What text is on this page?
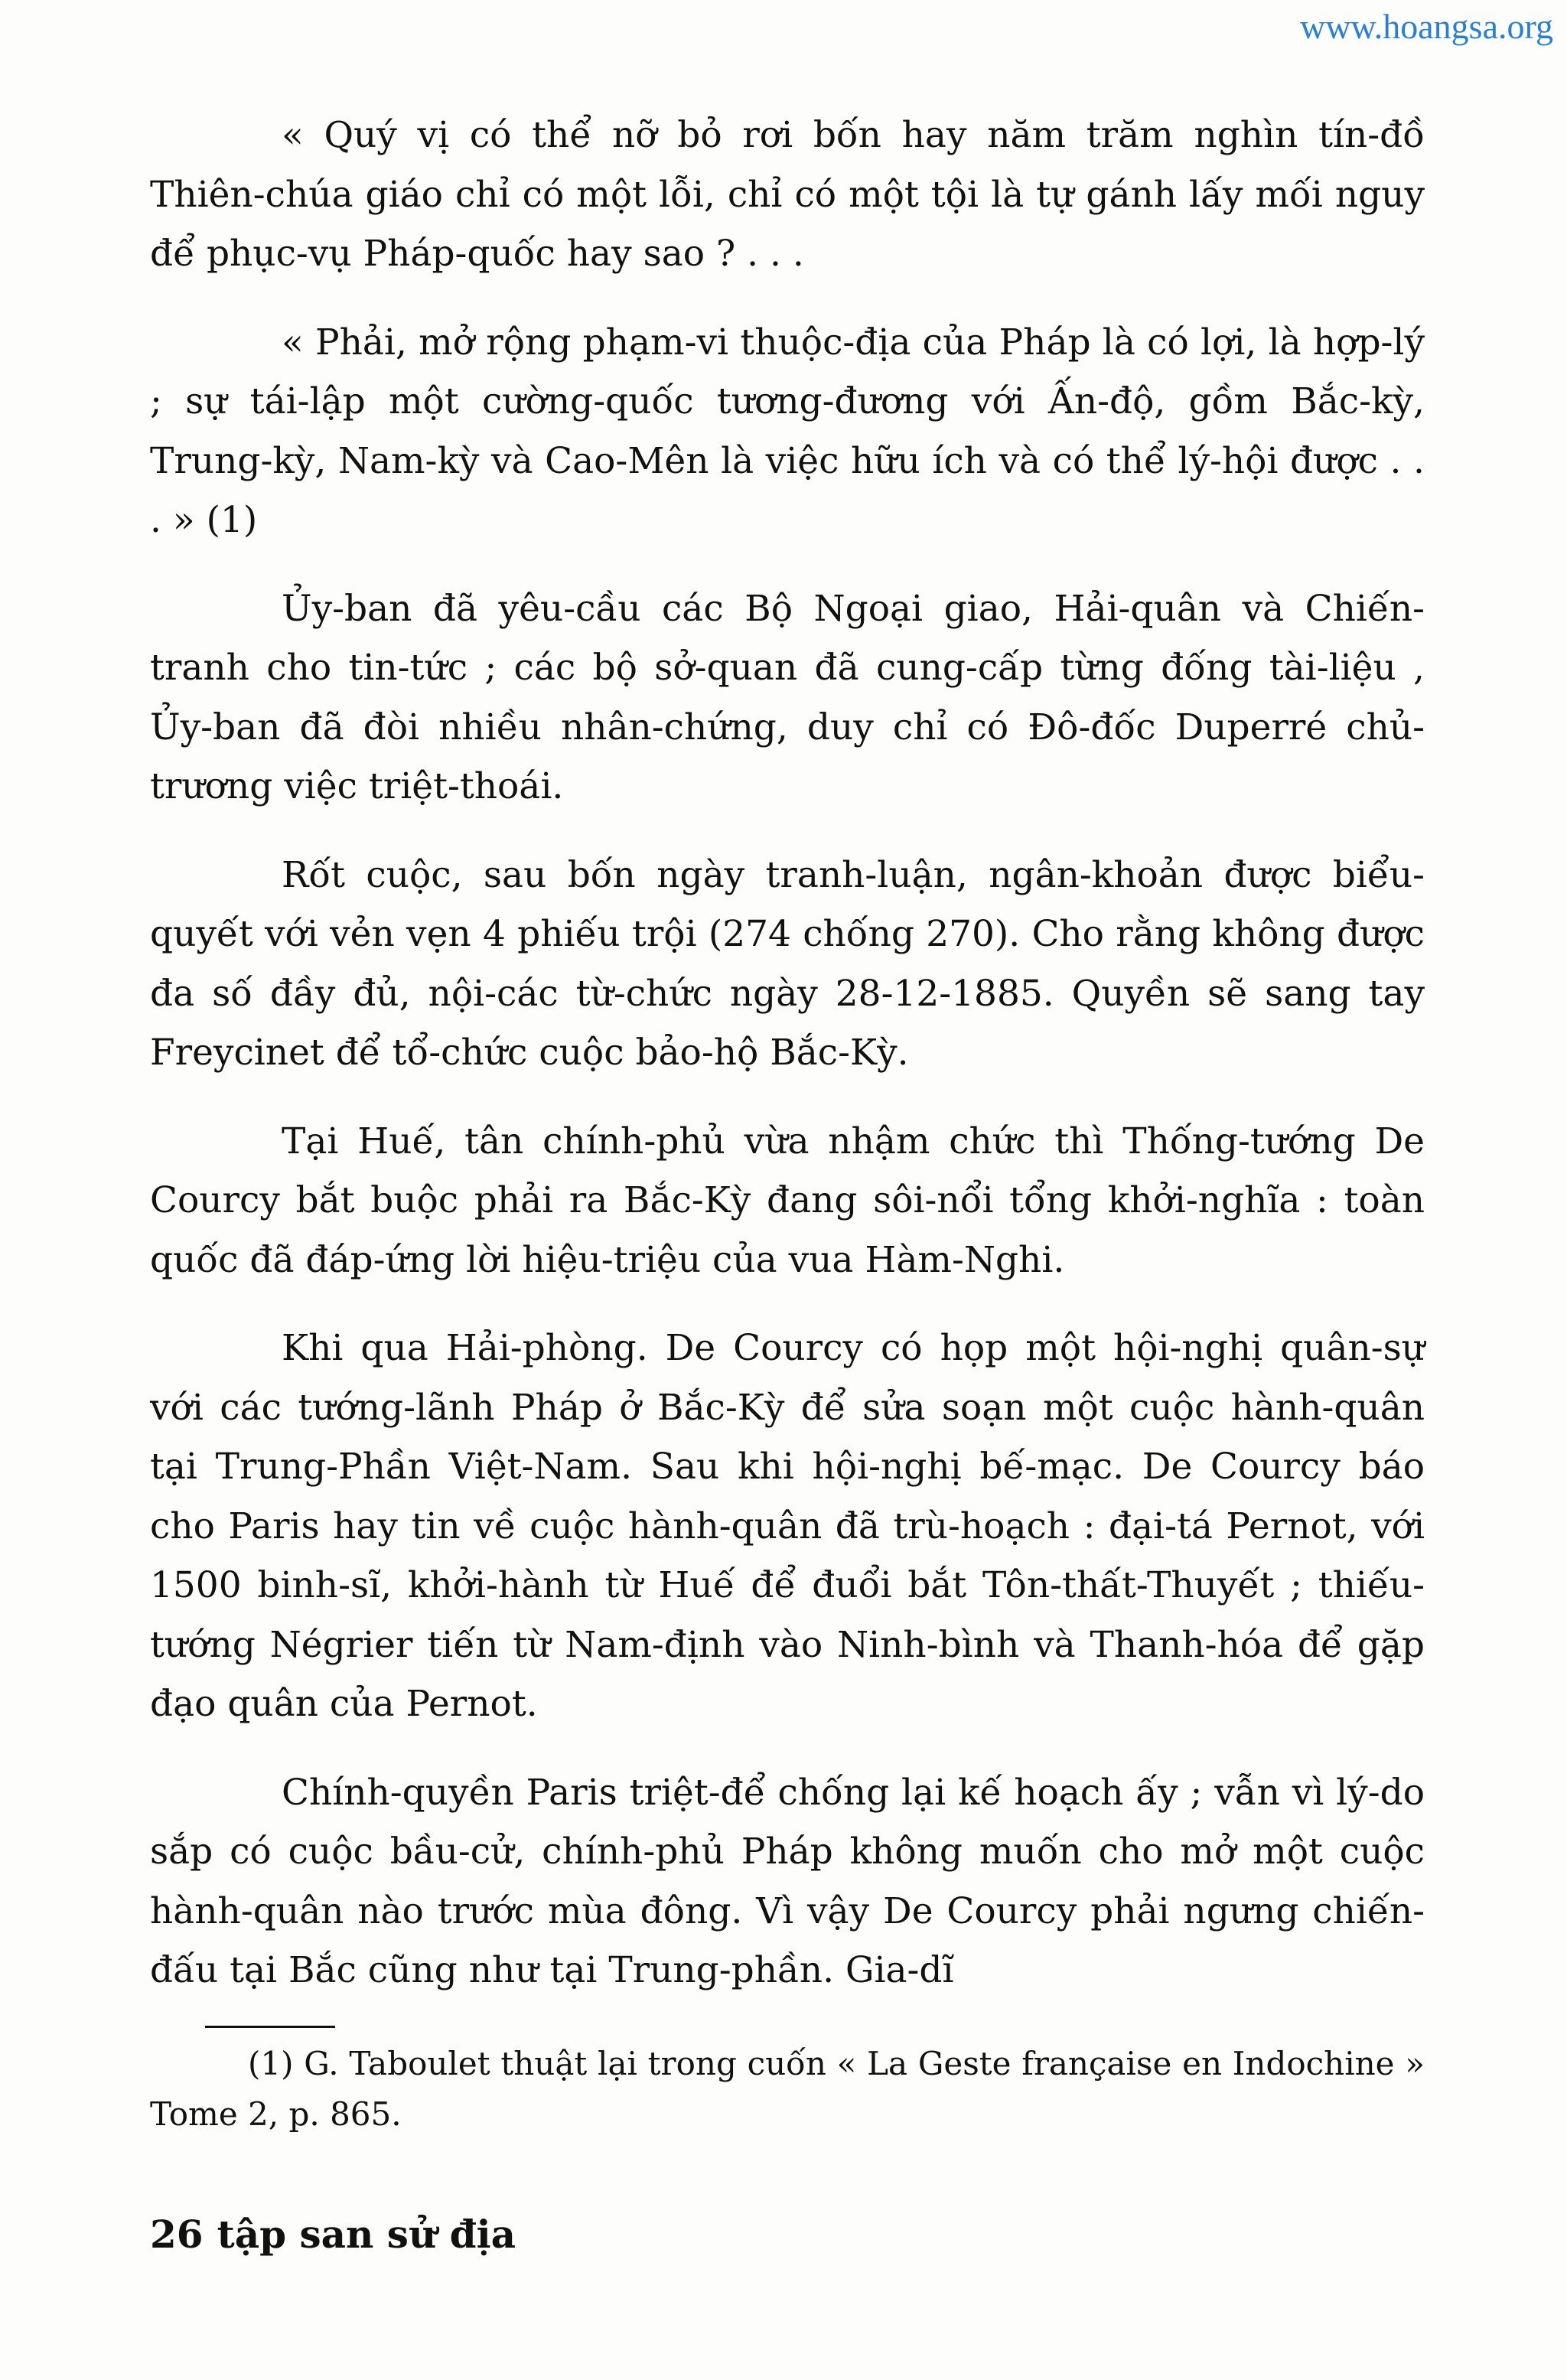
www.hoangsa.org

« Quý vị có thể nỡ bỏ rơi bốn hay năm trăm nghìn tín-đồ Thiên-chúa giáo chỉ có một lỗi, chỉ có một tội là tự gánh lấy mối nguy để phục-vụ Pháp-quốc hay sao ? . . .

« Phải, mở rộng phạm-vi thuộc-địa của Pháp là có lợi, là hợp-lý ; sự tái-lập một cường-quốc tương-đương với Ấn-độ, gồm Bắc-kỳ, Trung-kỳ, Nam-kỳ và Cao-Mên là việc hữu ích và có thể lý-hội được . . . » (1)

Ủy-ban đã yêu-cầu các Bộ Ngoại giao, Hải-quân và Chiến-tranh cho tin-tức ; các bộ sở-quan đã cung-cấp từng đống tài-liệu , Ủy-ban đã đòi nhiều nhân-chứng, duy chỉ có Đô-đốc Duperré chủ-trương việc triệt-thoái.

Rốt cuộc, sau bốn ngày tranh-luận, ngân-khoản được biểu-quyết với vẻn vẹn 4 phiếu trội (274 chống 270). Cho rằng không được đa số đầy đủ, nội-các từ-chức ngày 28-12-1885. Quyền sẽ sang tay Freycinet để tổ-chức cuộc bảo-hộ Bắc-Kỳ.

Tại Huế, tân chính-phủ vừa nhậm chức thì Thống-tướng De Courcy bắt buộc phải ra Bắc-Kỳ đang sôi-nổi tổng khởi-nghĩa : toàn quốc đã đáp-ứng lời hiệu-triệu của vua Hàm-Nghi.

Khi qua Hải-phòng. De Courcy có họp một hội-nghị quân-sự với các tướng-lãnh Pháp ở Bắc-Kỳ để sửa soạn một cuộc hành-quân tại Trung-Phần Việt-Nam. Sau khi hội-nghị bế-mạc. De Courcy báo cho Paris hay tin về cuộc hành-quân đã trù-hoạch : đại-tá Pernot, với 1500 binh-sĩ, khởi-hành từ Huế để đuổi bắt Tôn-thất-Thuyết ; thiếu-tướng Négrier tiến từ Nam-định vào Ninh-bình và Thanh-hóa để gặp đạo quân của Pernot.

Chính-quyền Paris triệt-để chống lại kế hoạch ấy ; vẫn vì lý-do sắp có cuộc bầu-cử, chính-phủ Pháp không muốn cho mở một cuộc hành-quân nào trước mùa đông. Vì vậy De Courcy phải ngưng chiến-đấu tại Bắc cũng như tại Trung-phần. Gia-dĩ

(1) G. Taboulet thuật lại trong cuốn « La Geste française en Indochine » Tome 2, p. 865.
26 tập san sử địa
